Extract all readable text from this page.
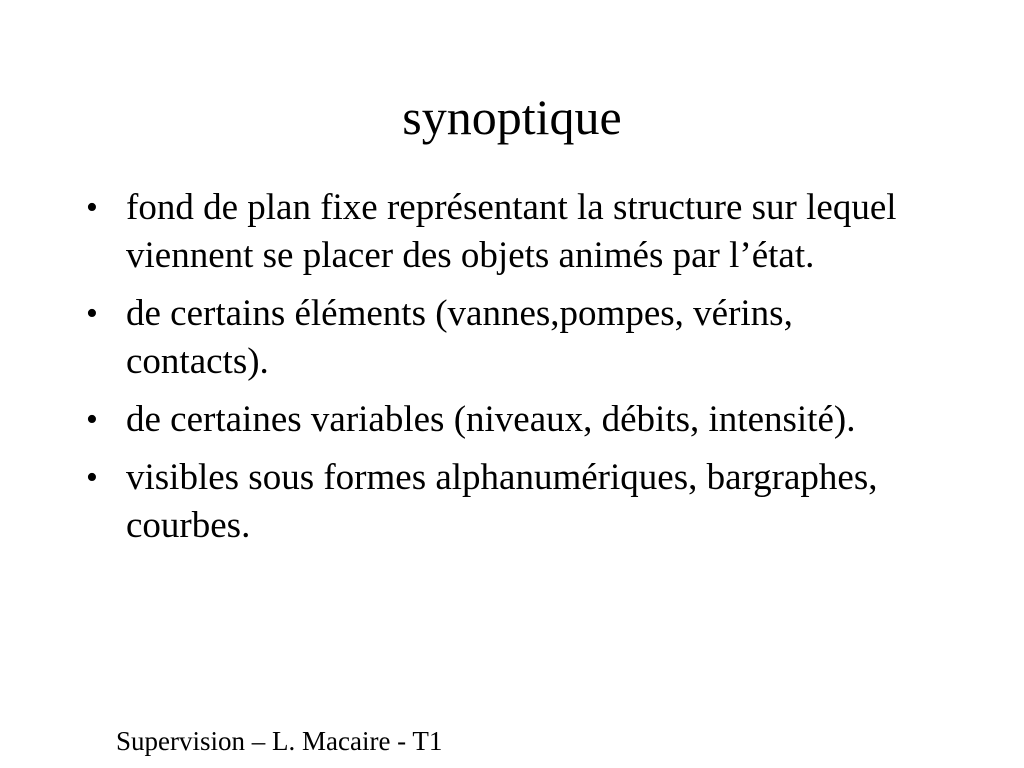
synoptique
• fond de plan fixe représentant la structure sur lequel viennent se placer des objets animés par l’état.
• de certains éléments (vannes,pompes, vérins, contacts).
• de certaines variables (niveaux, débits, intensité).
• visibles sous formes alphanumériques, bargraphes, courbes.
Supervision – L. Macaire - T1
